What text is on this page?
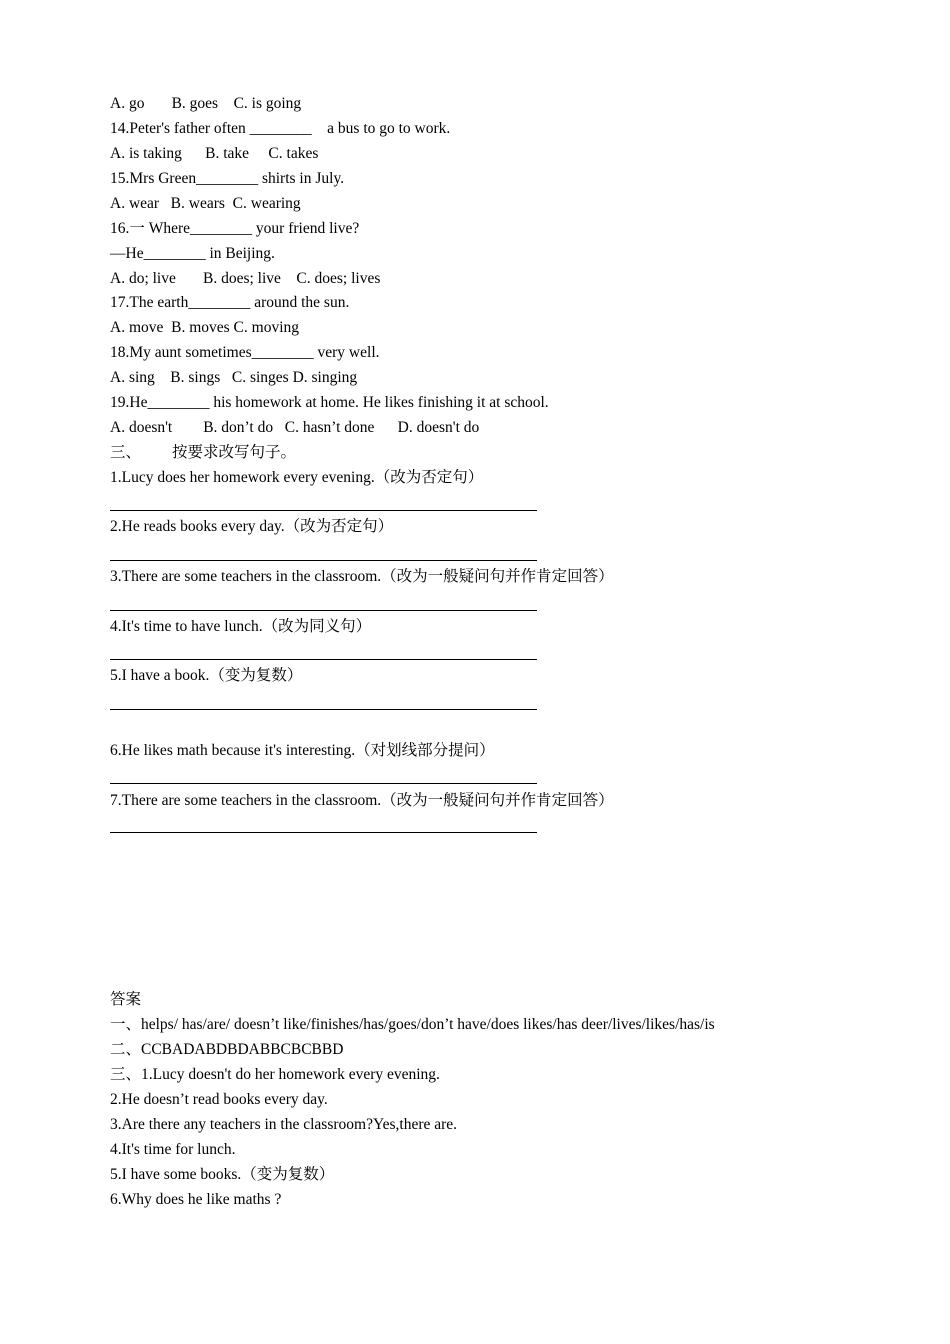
A. go       B. goes    C. is going
14.Peter's father often ________    a bus to go to work.
A. is taking      B. take     C. takes
15.Mrs Green________ shirts in July.
A. wear   B. wears  C. wearing
16.一 Where________ your friend live?
—He________ in Beijing.
A. do; live       B. does; live    C. does; lives
17.The earth________ around the sun.
A. move  B. moves C. moving
18.My aunt sometimes________ very well.
A. sing    B. sings   C. singes D. singing
19.He________ his homework at home. He likes finishing it at school.
A. doesn't        B. don’t do   C. hasn’t done      D. doesn't do
三、        按要求改写句子。
1.Lucy does her homework every evening.（改为否定句）
2.He reads books every day.（改为否定句）
3.There are some teachers in the classroom.（改为一般疑问句并作肯定回答）
4.It's time to have lunch.（改为同义句）
5.I have a book.（变为复数）
6.He likes math because it's interesting.（对划线部分提问）
7.There are some teachers in the classroom.（改为一般疑问句并作肯定回答）
答案
一、helps/ has/are/ doesn’t like/finishes/has/goes/don’t have/does likes/has deer/lives/likes/has/is
二、CCBADABDBDABBCBCBBD
三、1.Lucy doesn't do her homework every evening.
2.He doesn’t read books every day.
3.Are there any teachers in the classroom?Yes,there are.
4.It's time for lunch.
5.I have some books.（变为复数）
6.Why does he like maths ?
